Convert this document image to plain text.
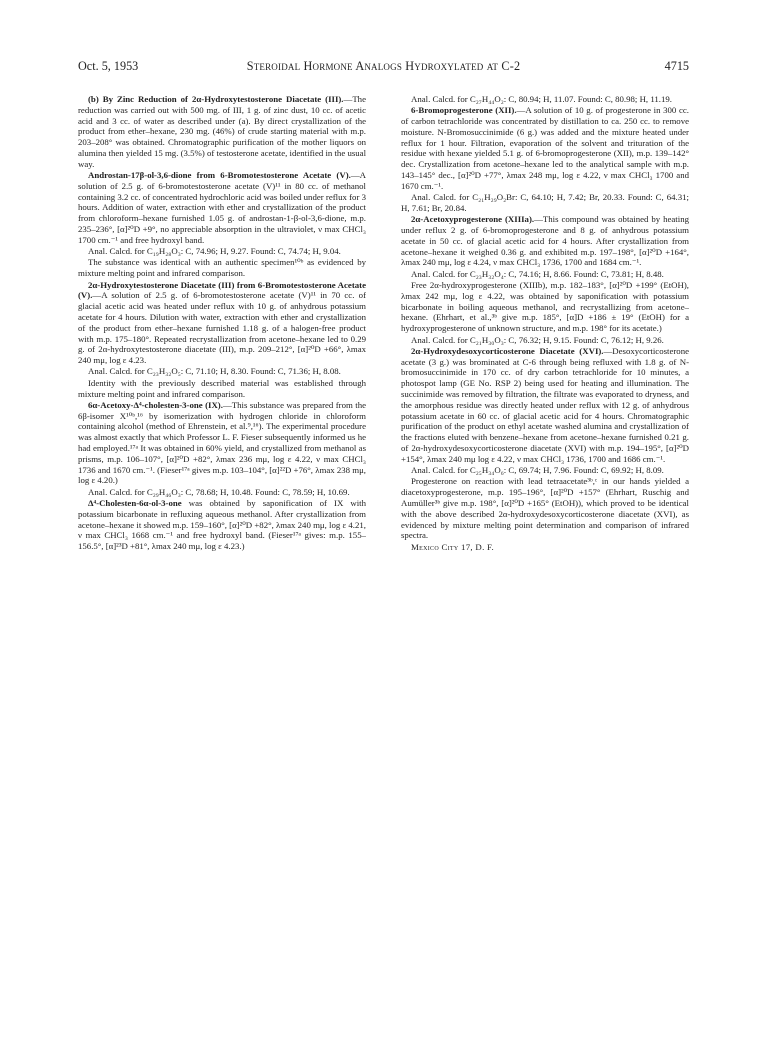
Oct. 5, 1953	Steroidal Hormone Analogs Hydroxylated at C-2	4715

(b) By Zinc Reduction of 2α-Hydroxytestosterone Diacetate (III).—The reduction was carried out with 500 mg. of III, 1 g. of zinc dust, 10 cc. of acetic acid and 3 cc. of water as described under (a). By direct crystallization of the product from ether–hexane, 230 mg. (46%) of crude starting material with m.p. 203–208° was obtained. Chromatographic purification of the mother liquors on alumina then yielded 15 mg. (3.5%) of testosterone acetate, identified in the usual way.

Androstan-17β-ol-3,6-dione from 6-Bromotestosterone Acetate (V).—A solution of 2.5 g. of 6-bromotestosterone acetate (V)¹¹ in 80 cc. of methanol containing 3.2 cc. of concentrated hydrochloric acid was boiled under reflux for 3 hours. Addition of water, extraction with ether and crystallization of the product from chloroform–hexane furnished 1.05 g. of androstan-1-β-ol-3,6-dione, m.p. 235–236°, [α]²⁰D +9°, no appreciable absorption in the ultraviolet, ν max CHCl₃ 1700 cm.⁻¹ and free hydroxyl band.

Anal. Calcd. for C₁₉H₂₈O₃: C, 74.96; H, 9.27. Found: C, 74.74; H, 9.04.

The substance was identical with an authentic specimen¹⁰ᵇ as evidenced by mixture melting point and infrared comparison.

2α-Hydroxytestosterone Diacetate (III) from 6-Bromotestosterone Acetate (V).—A solution of 2.5 g. of 6-bromotestosterone acetate (V)¹¹ in 70 cc. of glacial acetic acid was heated under reflux with 10 g. of anhydrous potassium acetate for 4 hours. Dilution with water, extraction with ether and crystallization of the product from ether–hexane furnished 1.18 g. of a halogen-free product with m.p. 175–180°. Repeated recrystallization from acetone–hexane led to 0.29 g. of 2α-hydroxytestosterone diacetate (III), m.p. 209–212°, [α]²⁰D +66°, λmax 240 mμ, log ε 4.23.

Anal. Calcd. for C₂₃H₃₂O₅: C, 71.10; H, 8.30. Found: C, 71.36; H, 8.08.

Identity with the previously described material was established through mixture melting point and infrared comparison.

6α-Acetoxy-Δ⁴-cholesten-3-one (IX).—This substance was prepared from the 6β-isomer X¹⁰ᵇ,¹⁶ by isomerization with hydrogen chloride in chloroform containing alcohol (method of Ehrenstein, et al.⁹,¹⁶). The experimental procedure was almost exactly that which Professor L. F. Fieser subsequently informed us he had employed.¹⁷ᵃ It was obtained in 60% yield, and crystallized from methanol as prisms, m.p. 106–107°, [α]²⁰D +82°, λmax 236 mμ, log ε 4.22, ν max CHCl₃ 1736 and 1670 cm.⁻¹. (Fieser¹⁷ᵃ gives m.p. 103–104°, [α]²²D +76°, λmax 238 mμ, log ε 4.20.)

Anal. Calcd. for C₂₉H₄₆O₃: C, 78.68; H, 10.48. Found: C, 78.59; H, 10.69.

Δ⁴-Cholesten-6α-ol-3-one was obtained by saponification of IX with potassium bicarbonate in refluxing aqueous methanol. After crystallization from acetone–hexane it showed m.p. 159–160°, [α]²⁰D +82°, λmax 240 mμ, log ε 4.21, ν max CHCl₃ 1668 cm.⁻¹ and free hydroxyl band. (Fieser¹⁷ᵃ gives: m.p. 155–156.5°, [α]²³D +81°, λmax 240 mμ, log ε 4.23.)

Anal. Calcd. for C₂₇H₄₄O₂: C, 80.94; H, 11.07. Found: C, 80.98; H, 11.19.

6-Bromoprogesterone (XII).—A solution of 10 g. of progesterone in 300 cc. of carbon tetrachloride was concentrated by distillation to ca. 250 cc. to remove moisture. N-Bromosuccinimide (6 g.) was added and the mixture heated under reflux for 1 hour. Filtration, evaporation of the solvent and trituration of the residue with hexane yielded 5.1 g. of 6-bromoprogesterone (XII), m.p. 139–142° dec. Crystallization from acetone–hexane led to the analytical sample with m.p. 143–145° dec., [α]²⁰D +77°, λmax 248 mμ, log ε 4.22, ν max CHCl₃ 1700 and 1670 cm.⁻¹.

Anal. Calcd. for C₂₁H₂₉O₂Br: C, 64.10; H, 7.42; Br, 20.33. Found: C, 64.31; H, 7.61; Br, 20.84.

2α-Acetoxyprogesterone (XIIIa).—This compound was obtained by heating under reflux 2 g. of 6-bromoprogesterone and 8 g. of anhydrous potassium acetate in 50 cc. of glacial acetic acid for 4 hours. After crystallization from acetone–hexane it weighed 0.36 g. and exhibited m.p. 197–198°, [α]²⁰D +164°, λmax 240 mμ, log ε 4.24, ν max CHCl₃ 1736, 1700 and 1684 cm.⁻¹.

Anal. Calcd. for C₂₃H₃₂O₄: C, 74.16; H, 8.66. Found: C, 73.81; H, 8.48.

Free 2α-hydroxyprogesterone (XIIIb), m.p. 182–183°, [α]²⁰D +199° (EtOH), λmax 242 mμ, log ε 4.22, was obtained by saponification with potassium bicarbonate in boiling aqueous methanol, and recrystallizing from acetone–hexane. (Ehrhart, et al.,³ᵇ give m.p. 185°, [α]D +186 ± 19° (EtOH) for a hydroxyprogesterone of unknown structure, and m.p. 198° for its acetate.)

Anal. Calcd. for C₂₁H₃₀O₃: C, 76.32; H, 9.15. Found: C, 76.12; H, 9.26.

2α-Hydroxydesoxycorticosterone Diacetate (XVI).—Desoxycorticosterone acetate (3 g.) was brominated at C-6 through being refluxed with 1.8 g. of N-bromosuccinimide in 170 cc. of dry carbon tetrachloride for 10 minutes, a photospot lamp (GE No. RSP 2) being used for heating and illumination. The succinimide was removed by filtration, the filtrate was evaporated to dryness, and the amorphous residue was directly heated under reflux with 12 g. of anhydrous potassium acetate in 60 cc. of glacial acetic acid for 4 hours. Chromatographic purification of the product on ethyl acetate washed alumina and crystallization of the fractions eluted with benzene–hexane from acetone–hexane furnished 0.21 g. of 2α-hydroxydesoxycorticosterone diacetate (XVI) with m.p. 194–195°, [α]²⁰D +154°, λmax 240 mμ log ε 4.22, ν max CHCl₃ 1736, 1700 and 1686 cm.⁻¹.

Anal. Calcd. for C₂₅H₃₄O₆: C, 69.74; H, 7.96. Found: C, 69.92; H, 8.09.

Progesterone on reaction with lead tetraacetate³ᵇ,ᶜ in our hands yielded a diacetoxyprogesterone, m.p. 195–196°, [α]²⁰D +157° (Ehrhart, Ruschig and Aumüller³ᵇ give m.p. 198°, [α]²⁰D +165° (EtOH)), which proved to be identical with the above described 2α-hydroxydesoxycorticosterone diacetate (XVI), as evidenced by mixture melting point determination and comparison of infrared spectra.

Mexico City 17, D. F.
